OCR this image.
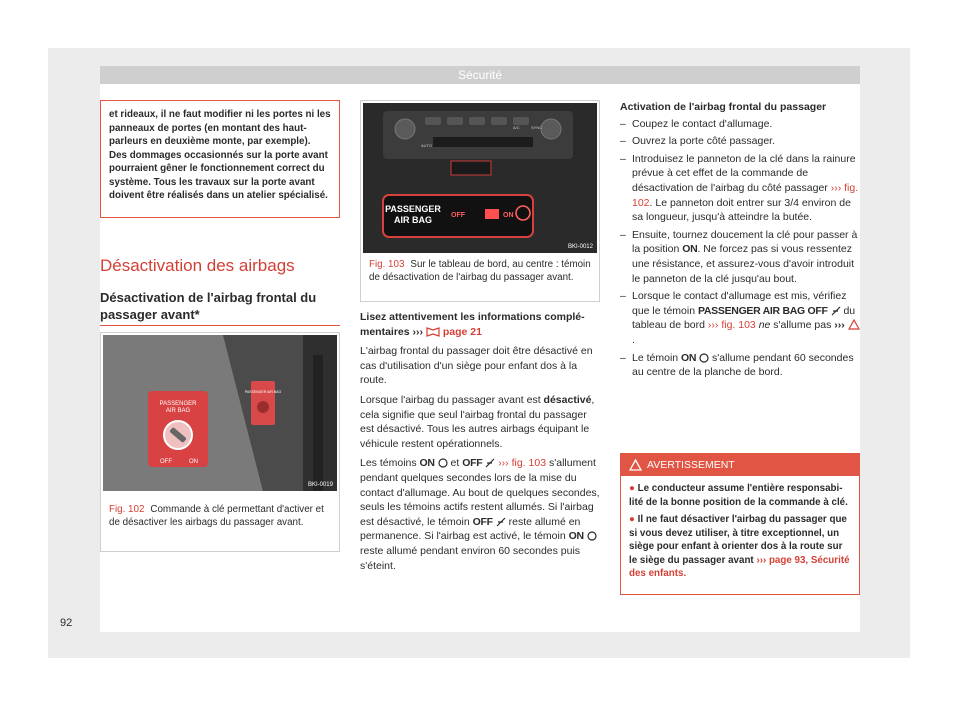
Sécurité
et rideaux, il ne faut modifier ni les portes ni les panneaux de portes (en montant des haut-parleurs en deuxième monte, par exemple). Des dommages occasionnés sur la porte avant pourraient gêner le fonctionnement correct du système. Tous les travaux sur la porte avant doivent être réalisés dans un atelier spécialisé.
Désactivation des airbags
Désactivation de l'airbag frontal du passager avant*
PASSENGER AIR BAG
PASSENGER
AIR BAG
OFF	ON
BKI-0019
Fig. 102 Commande à clé permettant d'activer et de désactiver les airbags du passager avant.
AUTO
A/C	SYNC
PASSENGER
AIR BAG	OFF	ON
BKI-0012
Fig. 103 Sur le tableau de bord, au centre : témoin de désactivation de l'airbag du passager avant.

Lisez attentivement les informations complémentaires ››› page 21

L'airbag frontal du passager doit être désactivé en cas d'utilisation d'un siège pour enfant dos à la route.

Lorsque l'airbag du passager avant est désactivé, cela signifie que seul l'airbag frontal du passager est désactivé. Tous les autres airbags équipant le véhicule restent opérationnels.

Les témoins ON et OFF ››› fig. 103 s'allument pendant quelques secondes lors de la mise du contact d'allumage. Au bout de quelques secondes, seuls les témoins actifs restent allumés. Si l'airbag est désactivé, le témoin OFF reste allumé en permanence. Si l'airbag est activé, le témoin ON  reste allumé pendant environ 60 secondes puis s'éteint.

Activation de l'airbag frontal du passager
– Coupez le contact d'allumage.
– Ouvrez la porte côté passager.
– Introduisez le panneton de la clé dans la rainure prévue à cet effet de la commande de désactivation de l'airbag du côté passager ››› fig. 102. Le panneton doit entrer sur 3/4 environ de sa longueur, jusqu'à atteindre la butée.
– Ensuite, tournez doucement la clé pour passer à la position ON. Ne forcez pas si vous ressentez une résistance, et assurez-vous d'avoir introduit le panneton de la clé jusqu'au bout.
– Lorsque le contact d'allumage est mis, vérifiez que le témoin PASSENGER AIR BAG OFF du tableau de bord ››› fig. 103 ne s'allume pas ››› .
– Le témoin ON s'allume pendant 60 secondes au centre de la planche de bord.
AVERTISSEMENT
● Le conducteur assume l'entière responsabilité de la bonne position de la commande à clé.
● Il ne faut désactiver l'airbag du passager que si vous devez utiliser, à titre exceptionnel, un siège pour enfant à orienter dos à la route sur le siège du passager avant ››› page 93, Sécurité des enfants.
92
